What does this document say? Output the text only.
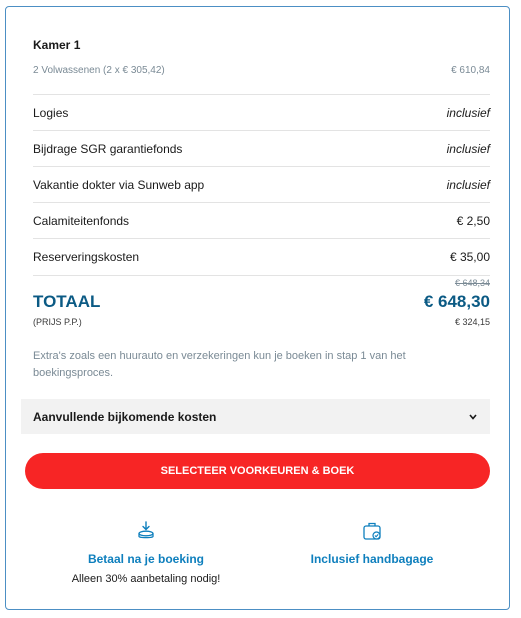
Kamer 1
2 Volwassenen (2 x € 305,42)	€ 610,84
Logies	inclusief
Bijdrage SGR garantiefonds	inclusief
Vakantie dokter via Sunweb app	inclusief
Calamiteitenfonds	€ 2,50
Reserveringskosten	€ 35,00
€ 648,34
TOTAAL	€ 648,30
(PRIJS P.P.)	€ 324,15
Extra's zoals een huurauto en verzekeringen kun je boeken in stap 1 van het boekingsproces.
Aanvullende bijkomende kosten
SELECTEER VOORKEUREN & BOEK
Betaal na je boeking
Alleen 30% aanbetaling nodig!
Inclusief handbagage
